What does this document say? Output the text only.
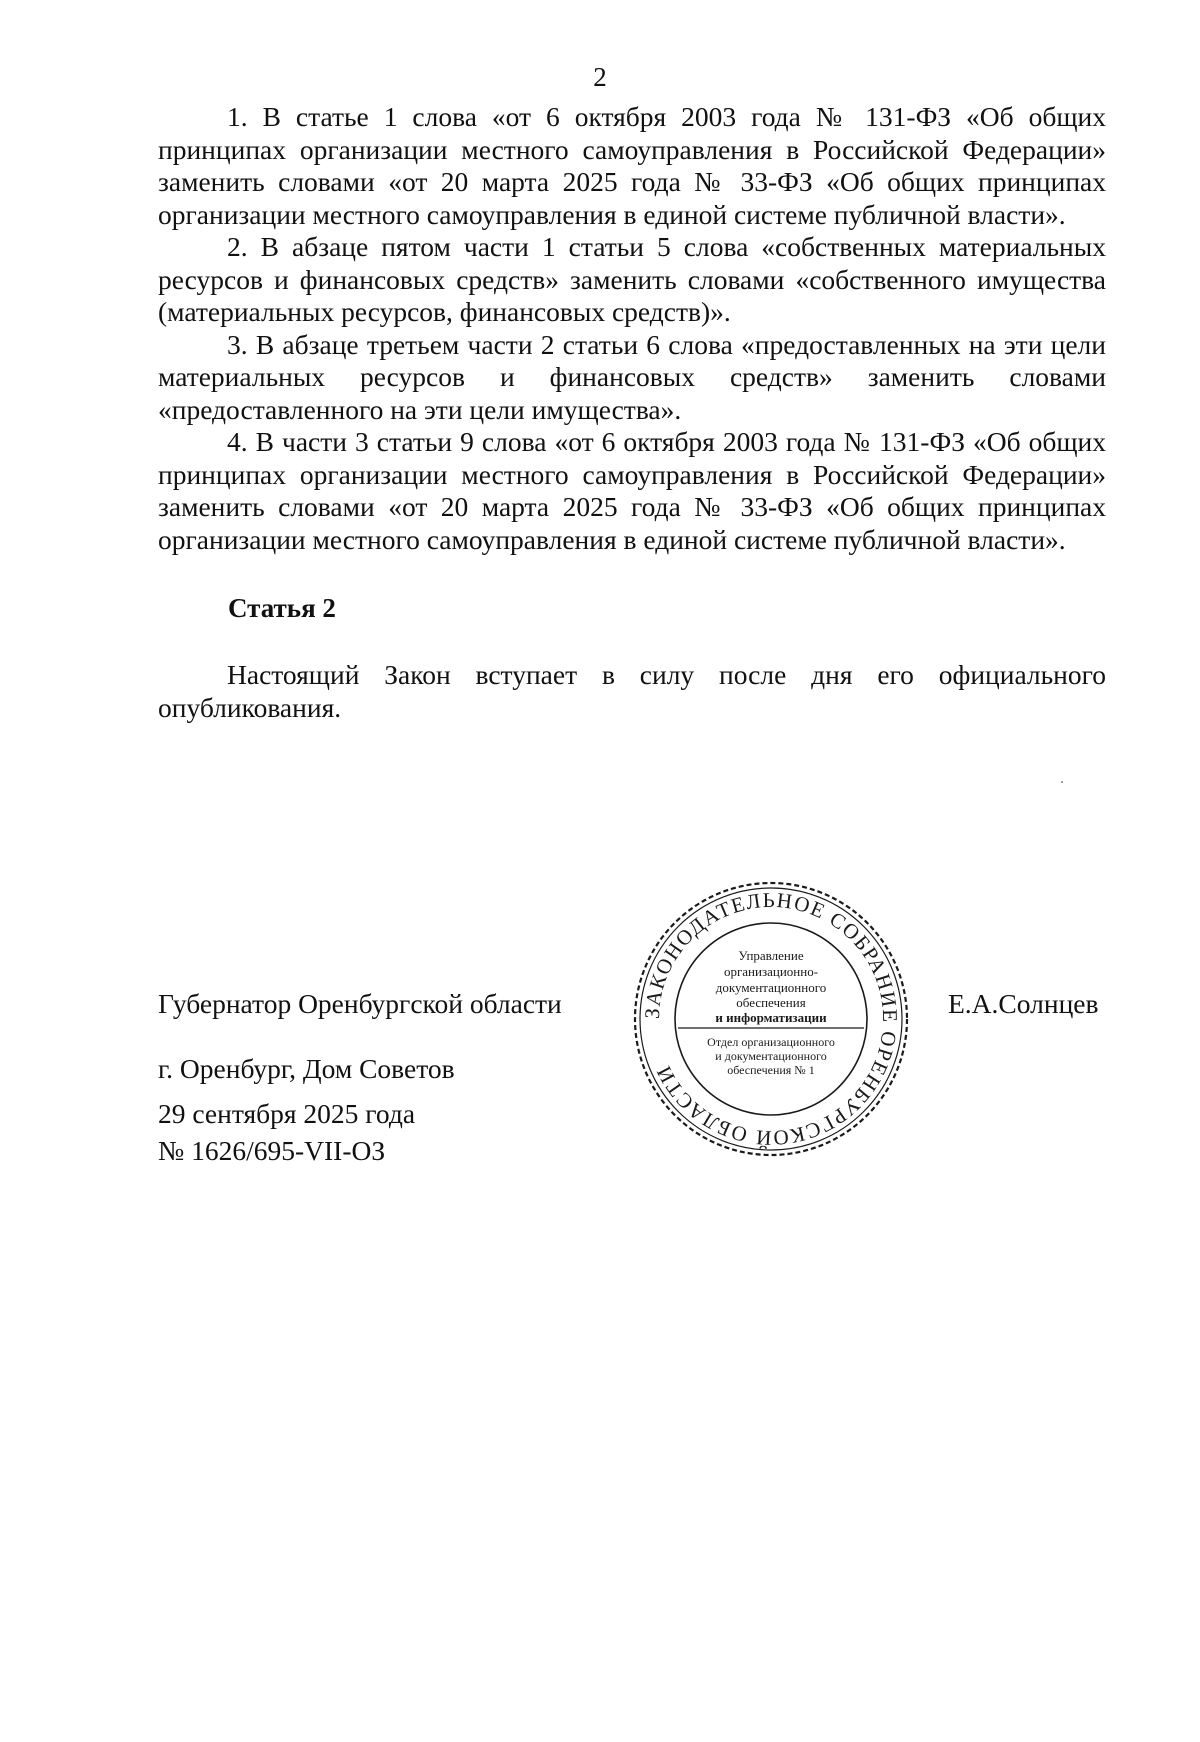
2

1. В статье 1 слова «от 6 октября 2003 года № 131-ФЗ «Об общих принципах организации местного самоуправления в Российской Федерации» заменить словами «от 20 марта 2025 года № 33-ФЗ «Об общих принципах организации местного самоуправления в единой системе публичной власти».

2. В абзаце пятом части 1 статьи 5 слова «собственных материальных ресурсов и финансовых средств» заменить словами «собственного имущества (материальных ресурсов, финансовых средств)».

3. В абзаце третьем части 2 статьи 6 слова «предоставленных на эти цели материальных ресурсов и финансовых средств» заменить словами «предоставленного на эти цели имущества».

4. В части 3 статьи 9 слова «от 6 октября 2003 года № 131-ФЗ «Об общих принципах организации местного самоуправления в Российской Федерации» заменить словами «от 20 марта 2025 года № 33-ФЗ «Об общих принципах организации местного самоуправления в единой системе публичной власти».

Статья 2

Настоящий Закон вступает в силу после дня его официального опубликования.

Губернатор Оренбургской области	Е.А.Солнцев
г. Оренбург, Дом Советов
29 сентября 2025 года
№ 1626/695-VII-ОЗ
ЗАКОНОДАТЕЛЬНОЕ СОБРАНИЕ ОРЕНБУРГСКОЙ ОБЛАСТИ
Управление
организационно-
документационного
обеспечения
и информатизации
Отдел организационного
и документационного
обеспечения № 1
